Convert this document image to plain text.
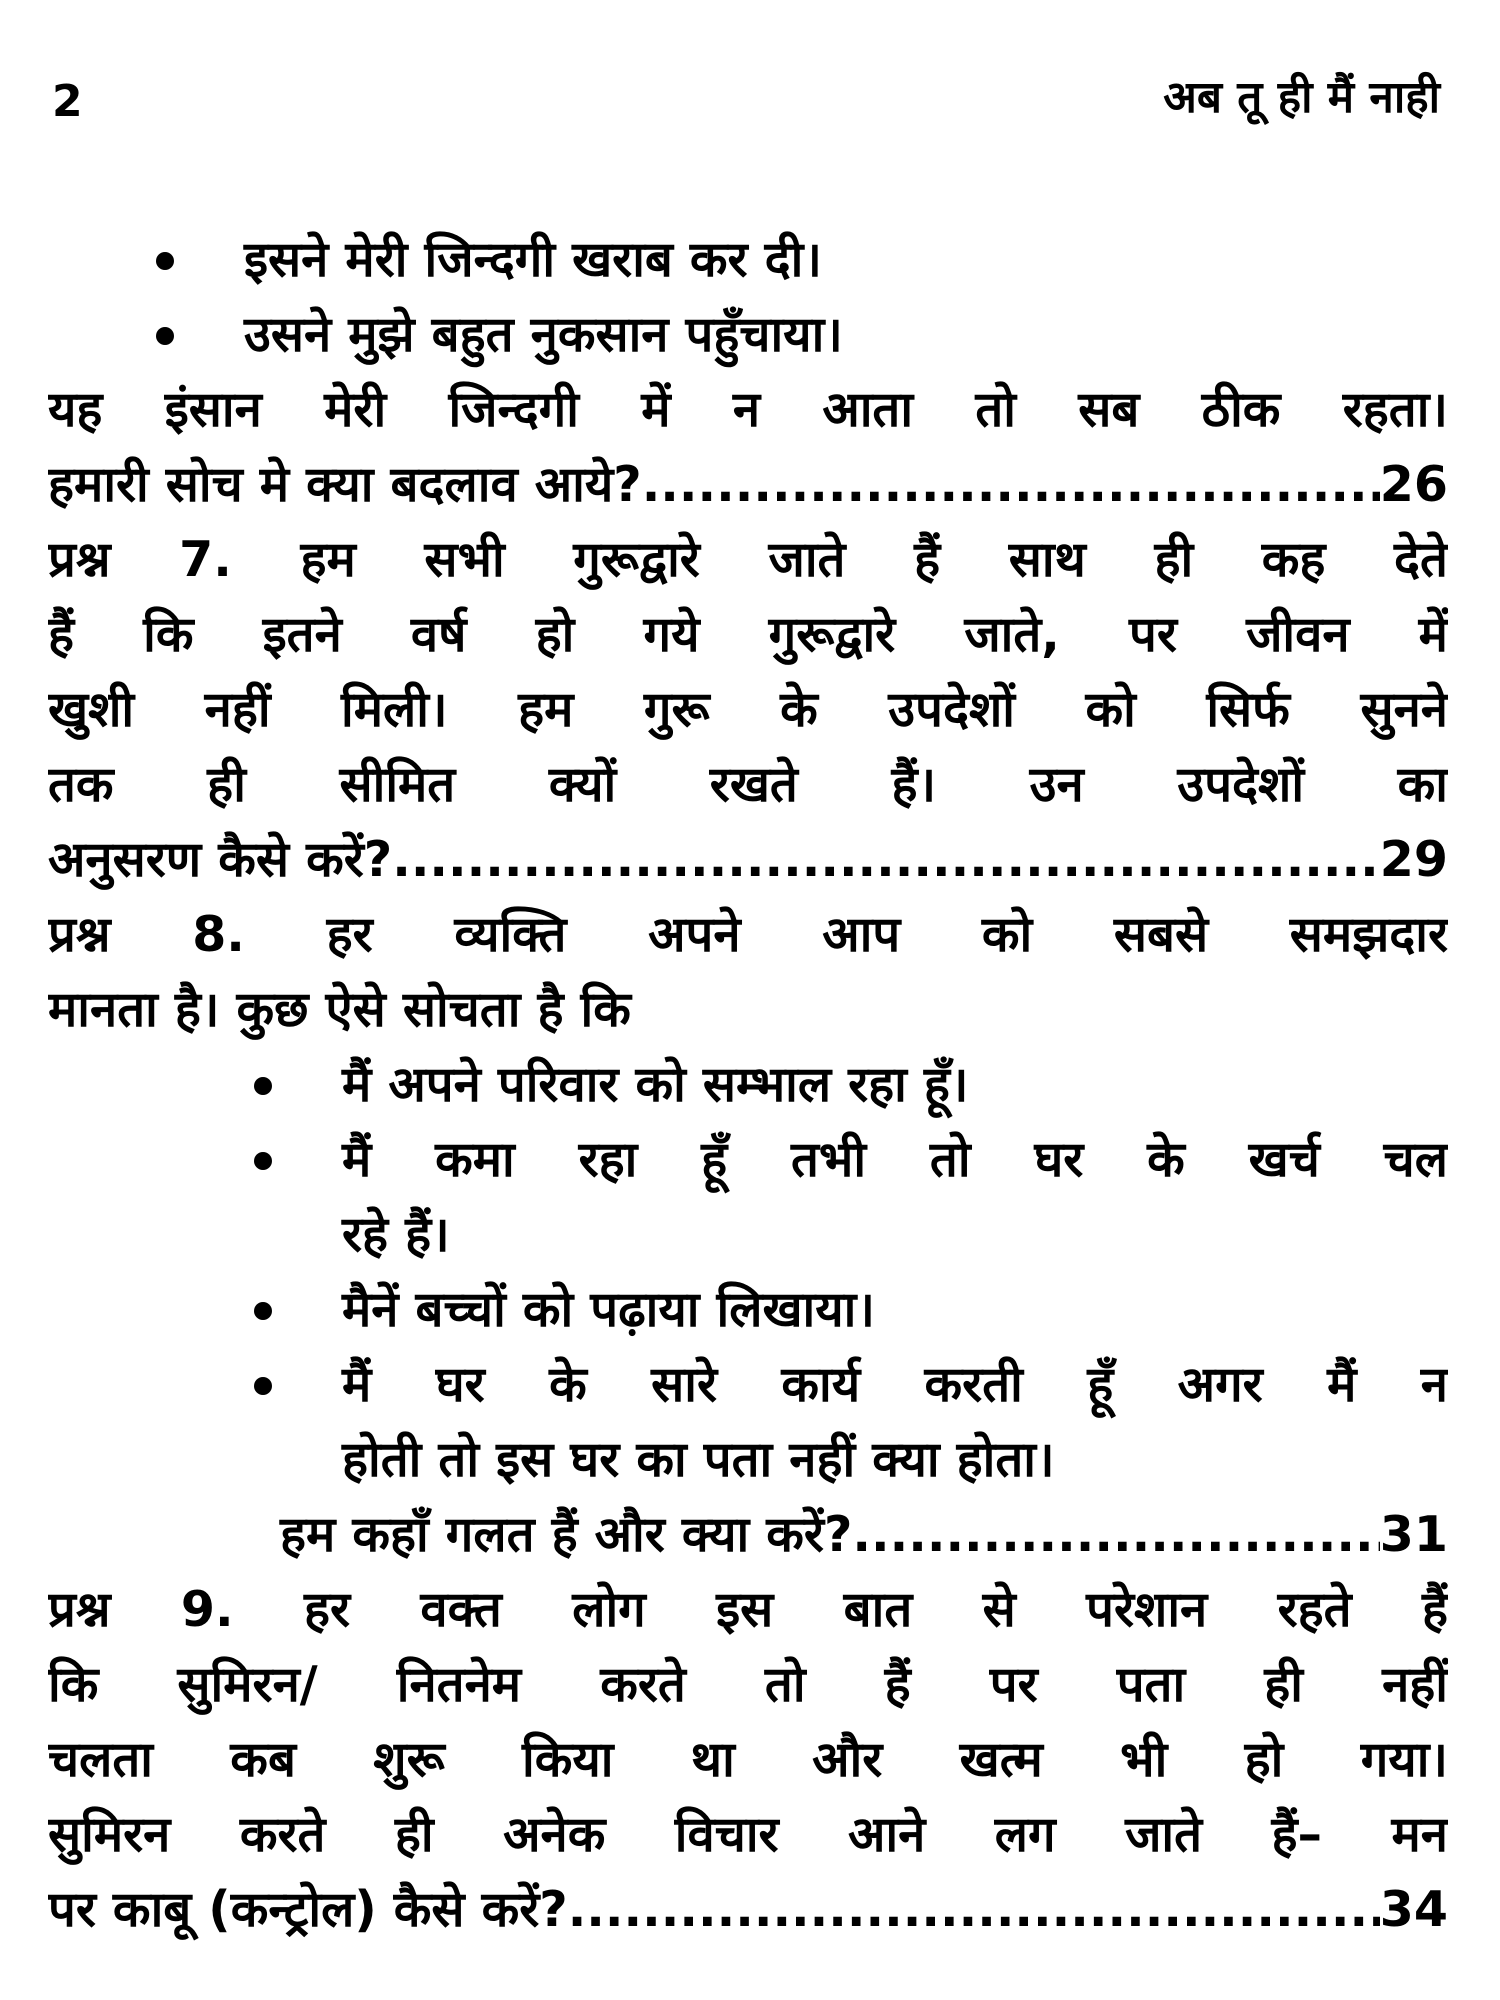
2	अब तू ही मैं नाही
इसने मेरी जिन्दगी खराब कर दी।
उसने मुझे बहुत नुकसान पहुँचाया।
यह इंसान मेरी जिन्दगी में न आता तो सब ठीक रहता।
हमारी सोच मे क्या बदलाव आये? .....	26
प्रश्न 7. हम सभी गुरूद्वारे जाते हैं साथ ही कह देते
हैं कि इतने वर्ष हो गये गुरूद्वारे जाते, पर जीवन में
खुशी नहीं मिली। हम गुरू के उपदेशों को सिर्फ सुनने
तक ही सीमित क्यों रखते हैं। उन उपदेशों का
अनुसरण कैसे करें? .....	29
प्रश्न 8. हर व्यक्ति अपने आप को सबसे समझदार
मानता है। कुछ ऐसे सोचता है कि
मैं अपने परिवार को सम्भाल रहा हूँ।
मैं कमा रहा हूँ तभी तो घर के खर्च चल
रहे हैं।
मैनें बच्चों को पढ़ाया लिखाया।
मैं घर के सारे कार्य करती हूँ अगर मैं न
होती तो इस घर का पता नहीं क्या होता।
हम कहाँ गलत हैं और क्या करें? .....	31
प्रश्न 9. हर वक्त लोग इस बात से परेशान रहते हैं
कि सुमिरन/ नितनेम करते तो हैं पर पता ही नहीं
चलता कब शुरू किया था और खत्म भी हो गया।
सुमिरन करते ही अनेक विचार आने लग जाते हैं– मन
पर काबू (कन्ट्रोल) कैसे करें? .....	34
